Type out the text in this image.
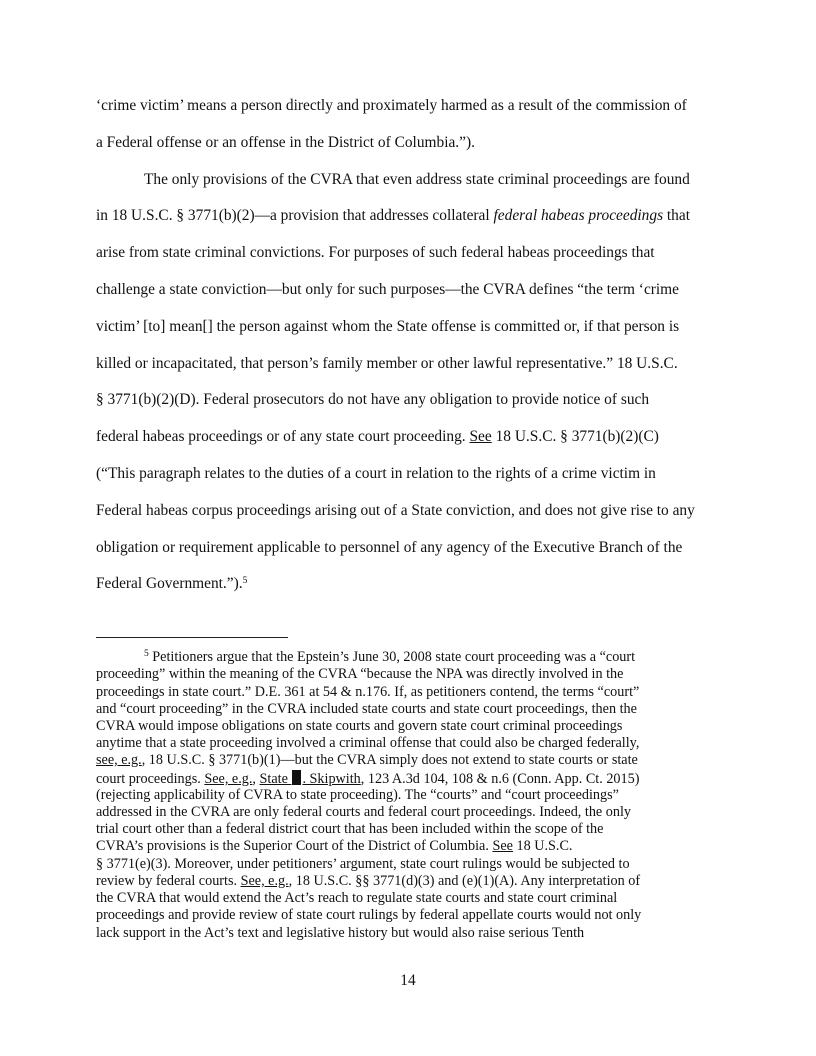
‘crime victim’ means a person directly and proximately harmed as a result of the commission of
a Federal offense or an offense in the District of Columbia.”).
The only provisions of the CVRA that even address state criminal proceedings are found
in 18 U.S.C. § 3771(b)(2)—a provision that addresses collateral federal habeas proceedings that
arise from state criminal convictions. For purposes of such federal habeas proceedings that
challenge a state conviction—but only for such purposes—the CVRA defines “the term ‘crime
victim’ [to] mean[] the person against whom the State offense is committed or, if that person is
killed or incapacitated, that person’s family member or other lawful representative.” 18 U.S.C.
§ 3771(b)(2)(D). Federal prosecutors do not have any obligation to provide notice of such
federal habeas proceedings or of any state court proceeding. See 18 U.S.C. § 3771(b)(2)(C)
(“This paragraph relates to the duties of a court in relation to the rights of a crime victim in
Federal habeas corpus proceedings arising out of a State conviction, and does not give rise to any
obligation or requirement applicable to personnel of any agency of the Executive Branch of the
Federal Government.”).$^5$
$^5$ Petitioners argue that the Epstein’s June 30, 2008 state court proceeding was a “court
proceeding” within the meaning of the CVRA “because the NPA was directly involved in the
proceedings in state court.” D.E. 361 at 54 & n.176. If, as petitioners contend, the terms “court”
and “court proceeding” in the CVRA included state courts and state court proceedings, then the
CVRA would impose obligations on state courts and govern state court criminal proceedings
anytime that a state proceeding involved a criminal offense that could also be charged federally,
see, e.g., 18 U.S.C. § 3771(b)(1)—but the CVRA simply does not extend to state courts or state
court proceedings. See, e.g., State . Skipwith, 123 A.3d 104, 108 & n.6 (Conn. App. Ct. 2015)
(rejecting applicability of CVRA to state proceeding). The “courts” and “court proceedings”
addressed in the CVRA are only federal courts and federal court proceedings. Indeed, the only
trial court other than a federal district court that has been included within the scope of the
CVRA’s provisions is the Superior Court of the District of Columbia. See 18 U.S.C.
§ 3771(e)(3). Moreover, under petitioners’ argument, state court rulings would be subjected to
review by federal courts. See, e.g., 18 U.S.C. §§ 3771(d)(3) and (e)(1)(A). Any interpretation of
the CVRA that would extend the Act’s reach to regulate state courts and state court criminal
proceedings and provide review of state court rulings by federal appellate courts would not only
lack support in the Act’s text and legislative history but would also raise serious Tenth
14
